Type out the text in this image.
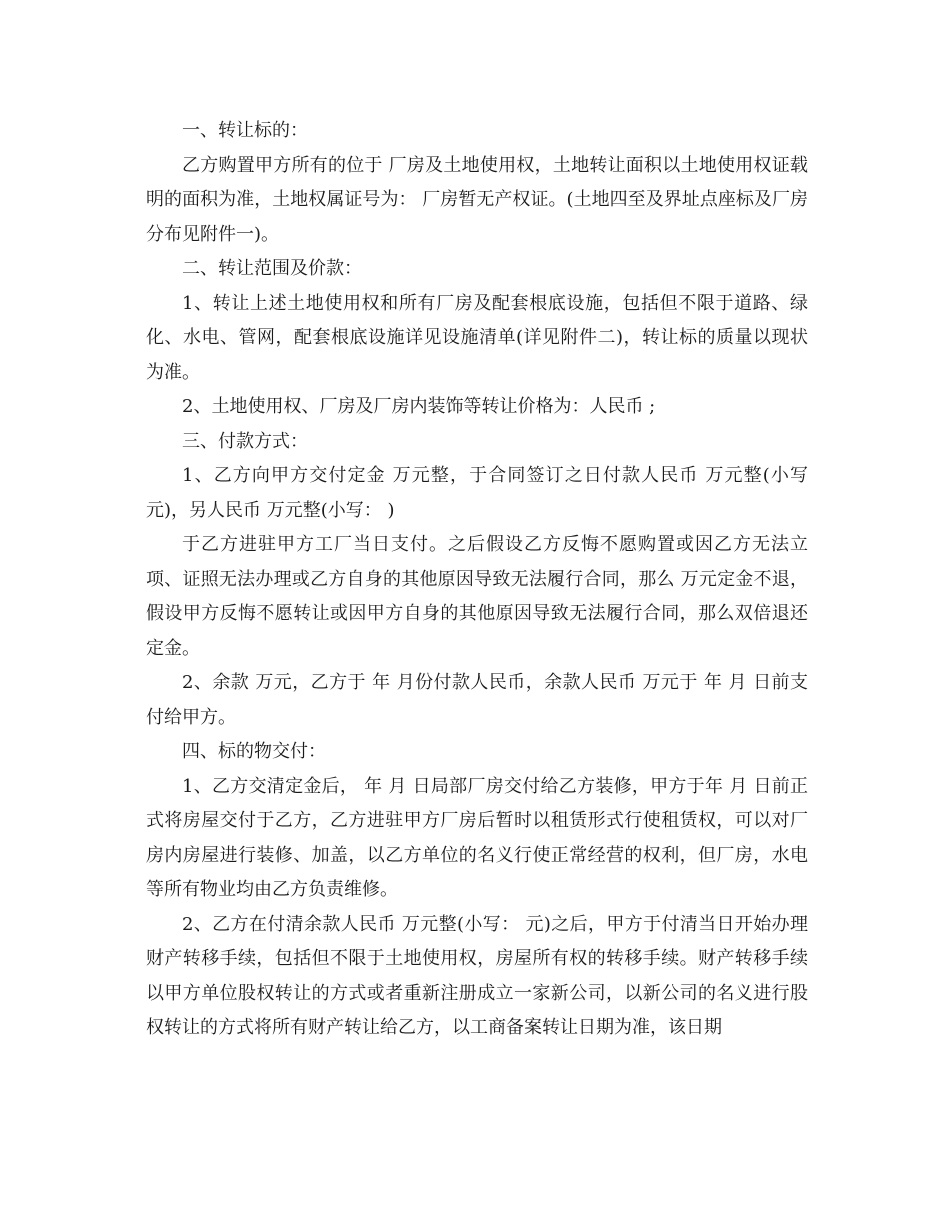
一、转让标的：

乙方购置甲方所有的位于 厂房及土地使用权，土地转让面积以土地使用权证载明的面积为准，土地权属证号为： 厂房暂无产权证。(土地四至及界址点座标及厂房分布见附件一)。

二、转让范围及价款：

1、转让上述土地使用权和所有厂房及配套根底设施，包括但不限于道路、绿化、水电、管网，配套根底设施详见设施清单(详见附件二)，转让标的质量以现状为准。

2、土地使用权、厂房及厂房内装饰等转让价格为：人民币 ;

三、付款方式：

1、乙方向甲方交付定金 万元整，于合同签订之日付款人民币 万元整(小写 元)，另人民币 万元整(小写： )

于乙方进驻甲方工厂当日支付。之后假设乙方反悔不愿购置或因乙方无法立项、证照无法办理或乙方自身的其他原因导致无法履行合同，那么 万元定金不退，假设甲方反悔不愿转让或因甲方自身的其他原因导致无法履行合同，那么双倍退还定金。

2、余款 万元，乙方于 年 月份付款人民币，余款人民币 万元于 年 月 日前支付给甲方。

四、标的物交付：

1、乙方交清定金后， 年 月 日局部厂房交付给乙方装修，甲方于年 月 日前正式将房屋交付于乙方，乙方进驻甲方厂房后暂时以租赁形式行使租赁权，可以对厂房内房屋进行装修、加盖，以乙方单位的名义行使正常经营的权利，但厂房，水电等所有物业均由乙方负责维修。

2、乙方在付清余款人民币 万元整(小写： 元)之后，甲方于付清当日开始办理财产转移手续，包括但不限于土地使用权，房屋所有权的转移手续。财产转移手续以甲方单位股权转让的方式或者重新注册成立一家新公司，以新公司的名义进行股权转让的方式将所有财产转让给乙方，以工商备案转让日期为准，该日期
